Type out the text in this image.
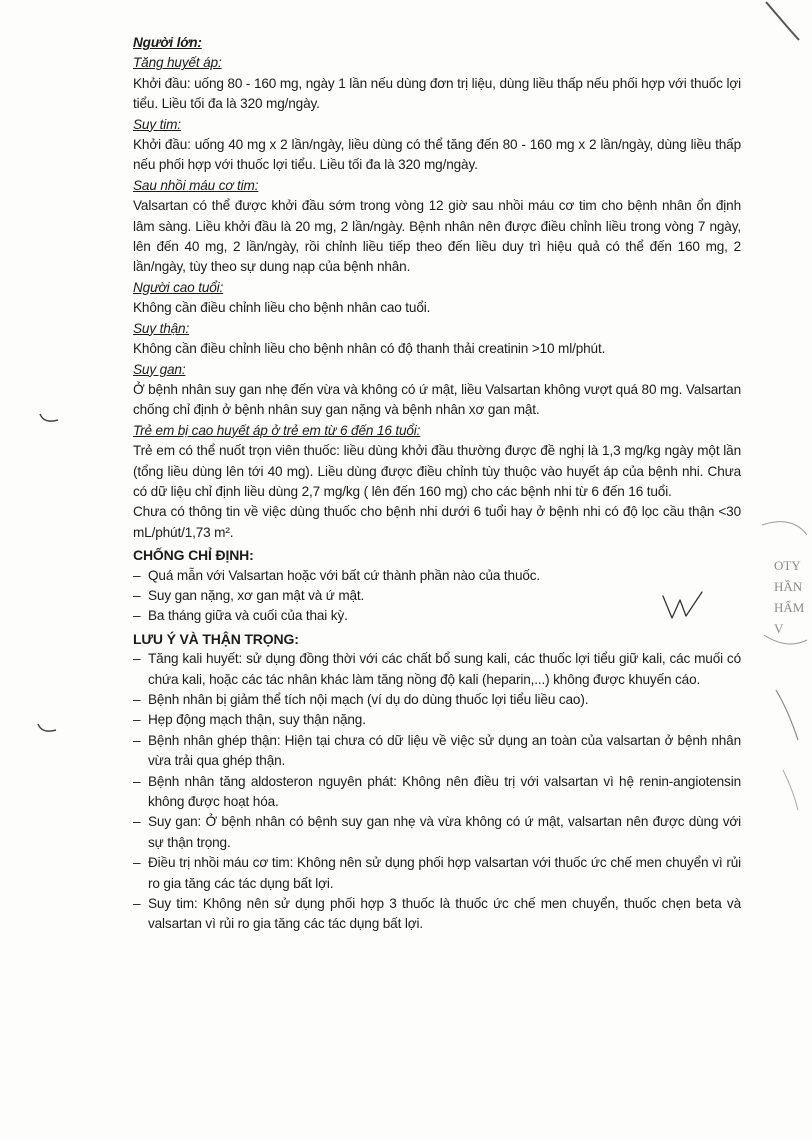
OTY
HẦN
HẨM
V

Người lớn:

Tăng huyết áp:

Khởi đầu: uống 80 - 160 mg, ngày 1 lần nếu dùng đơn trị liệu, dùng liều thấp nếu phối hợp với thuốc lợi tiểu. Liều tối đa là 320 mg/ngày.

Suy tim:

Khởi đầu: uống 40 mg x 2 lần/ngày, liều dùng có thể tăng đến 80 - 160 mg x 2 lần/ngày, dùng liều thấp nếu phối hợp với thuốc lợi tiểu. Liều tối đa là 320 mg/ngày.

Sau nhồi máu cơ tim:

Valsartan có thể được khởi đầu sớm trong vòng 12 giờ sau nhồi máu cơ tim cho bệnh nhân ổn định lâm sàng. Liều khởi đầu là 20 mg, 2 lần/ngày. Bệnh nhân nên được điều chỉnh liều trong vòng 7 ngày, lên đến 40 mg, 2 lần/ngày, rồi chỉnh liều tiếp theo đến liều duy trì hiệu quả có thể đến 160 mg, 2 lần/ngày, tùy theo sự dung nạp của bệnh nhân.

Người cao tuổi:

Không cần điều chỉnh liều cho bệnh nhân cao tuổi.

Suy thận:

Không cần điều chỉnh liều cho bệnh nhân có độ thanh thải creatinin >10 ml/phút.

Suy gan:

Ở bệnh nhân suy gan nhẹ đến vừa và không có ứ mật, liều Valsartan không vượt quá 80 mg. Valsartan chống chỉ định ở bệnh nhân suy gan nặng và bệnh nhân xơ gan mật.

Trẻ em bị cao huyết áp ở trẻ em từ 6 đến 16 tuổi:

Trẻ em có thể nuốt trọn viên thuốc: liều dùng khởi đầu thường được đề nghị là 1,3 mg/kg ngày một lần (tổng liều dùng lên tới 40 mg). Liều dùng được điều chỉnh tùy thuộc vào huyết áp của bệnh nhi. Chưa có dữ liệu chỉ định liều dùng 2,7 mg/kg ( lên đến 160 mg) cho các bệnh nhi từ 6 đến 16 tuổi.

Chưa có thông tin về việc dùng thuốc cho bệnh nhi dưới 6 tuổi hay ở bệnh nhi có độ lọc cầu thận <30 mL/phút/1,73 m².

CHỐNG CHỈ ĐỊNH:

– Quá mẫn với Valsartan hoặc với bất cứ thành phần nào của thuốc.
– Suy gan nặng, xơ gan mật và ứ mật.
– Ba tháng giữa và cuối của thai kỳ.

LƯU Ý VÀ THẬN TRỌNG:

– Tăng kali huyết: sử dụng đồng thời với các chất bổ sung kali, các thuốc lợi tiểu giữ kali, các muối có chứa kali, hoặc các tác nhân khác làm tăng nồng độ kali (heparin,...) không được khuyến cáo.
– Bệnh nhân bị giảm thể tích nội mạch (ví dụ do dùng thuốc lợi tiểu liều cao).
– Hẹp động mạch thận, suy thận nặng.
– Bệnh nhân ghép thận: Hiện tại chưa có dữ liệu về việc sử dụng an toàn của valsartan ở bệnh nhân vừa trải qua ghép thận.
– Bệnh nhân tăng aldosteron nguyên phát: Không nên điều trị với valsartan vì hệ renin-angiotensin không được hoạt hóa.
– Suy gan: Ở bệnh nhân có bệnh suy gan nhẹ và vừa không có ứ mật, valsartan nên được dùng với sự thận trọng.
– Điều trị nhồi máu cơ tim: Không nên sử dụng phối hợp valsartan với thuốc ức chế men chuyển vì rủi ro gia tăng các tác dụng bất lợi.
– Suy tim: Không nên sử dụng phối hợp 3 thuốc là thuốc ức chế men chuyển, thuốc chẹn beta và valsartan vì rủi ro gia tăng các tác dụng bất lợi.
